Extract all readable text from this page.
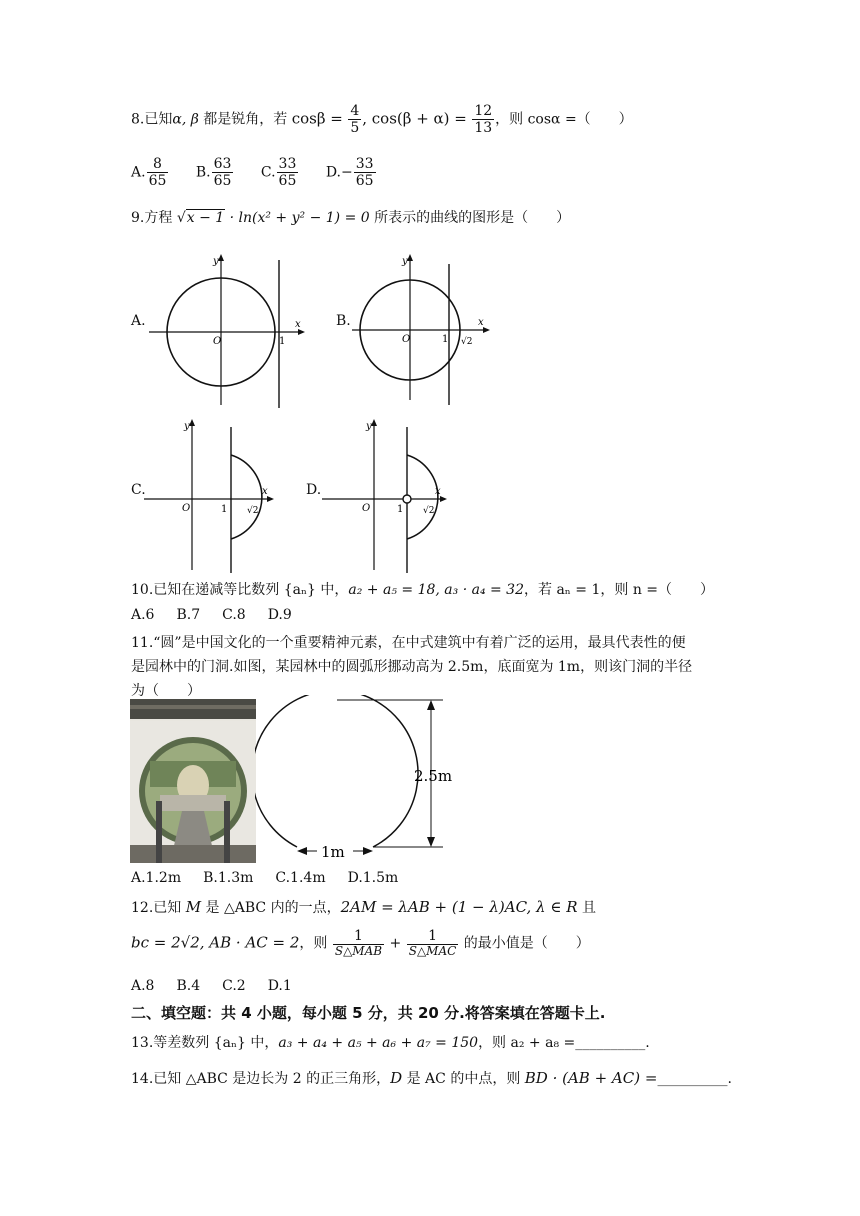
8.已知α, β 都是锐角，若 $\cos\beta = \frac{4}{5}$ , $\cos(\beta + \alpha) = \frac{12}{13}$ ，则 cosα =（　　）
A. $\frac{8}{65} B$. $\frac{63}{65} C$. $\frac{33}{65} D.- \frac{33}{65}$
9.方程 √x − 1 · ln(x² + y² − 1) = 0 所表示的曲线的图形是（　　）
A.	x
y
O	1
B.	x
y
O	1 √2
C.	x
y
O	1 √2
D.	x
y
O	1 √2
10.已知在递减等比数列 {aₙ} 中，a₂ + a₅ = 18, a₃ · a₄ = 32，若 aₙ = 1，则 n =（　　）
A.6 B.7 C.8 D.9
11.“圆”是中国文化的一个重要精神元素，在中式建筑中有着广泛的运用，最具代表性的便
是园林中的门洞.如图，某园林中的圆弧形挪动高为 2.5m，底面宽为 1m，则该门洞的半径
为（　　）
2.5m
1m
A.1.2m B.1.3m C.1.4m D.1.5m
12.已知 M 是 △ABC 内的一点，2AM = λAB + (1 − λ)AC, λ ∈ R 且
bc = 2√2, AB · AC = 2，则 $\frac{1}{\text{S△MAB}} + \frac{1}{\text{S△MAC}}$ 的最小值是（　　）
A.8 B.4 C.2 D.1
二、填空题：共 4 小题，每小题 5 分，共 20 分.将答案填在答题卡上.
13.等差数列 {aₙ} 中，a₃ + a₄ + a₅ + a₆ + a₇ = 150，则 a₂ + a₈ =__________.
14.已知 △ABC 是边长为 2 的正三角形，D 是 AC 的中点，则 BD · (AB + AC) =__________.
